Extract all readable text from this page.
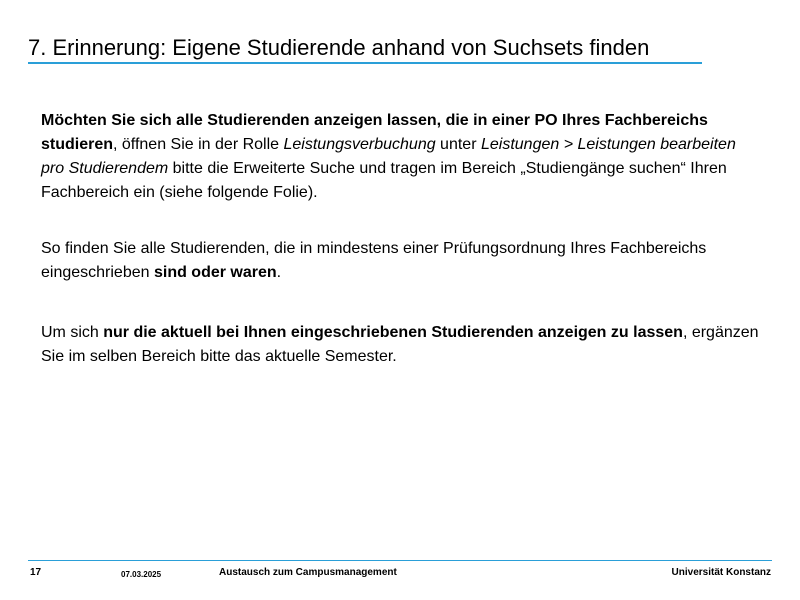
7. Erinnerung: Eigene Studierende anhand von Suchsets finden

Möchten Sie sich alle Studierenden anzeigen lassen, die in einer PO Ihres Fachbereichs studieren, öffnen Sie in der Rolle Leistungsverbuchung unter Leistungen > Leistungen bearbeiten pro Studierendem bitte die Erweiterte Suche und tragen im Bereich „Studiengänge suchen“ Ihren Fachbereich ein (siehe folgende Folie).

So finden Sie alle Studierenden, die in mindestens einer Prüfungsordnung Ihres Fachbereichs eingeschrieben sind oder waren.

Um sich nur die aktuell bei Ihnen eingeschriebenen Studierenden anzeigen zu lassen, ergänzen Sie im selben Bereich bitte das aktuelle Semester.

17	07.03.2025	Austausch zum Campusmanagement	Universität Konstanz
